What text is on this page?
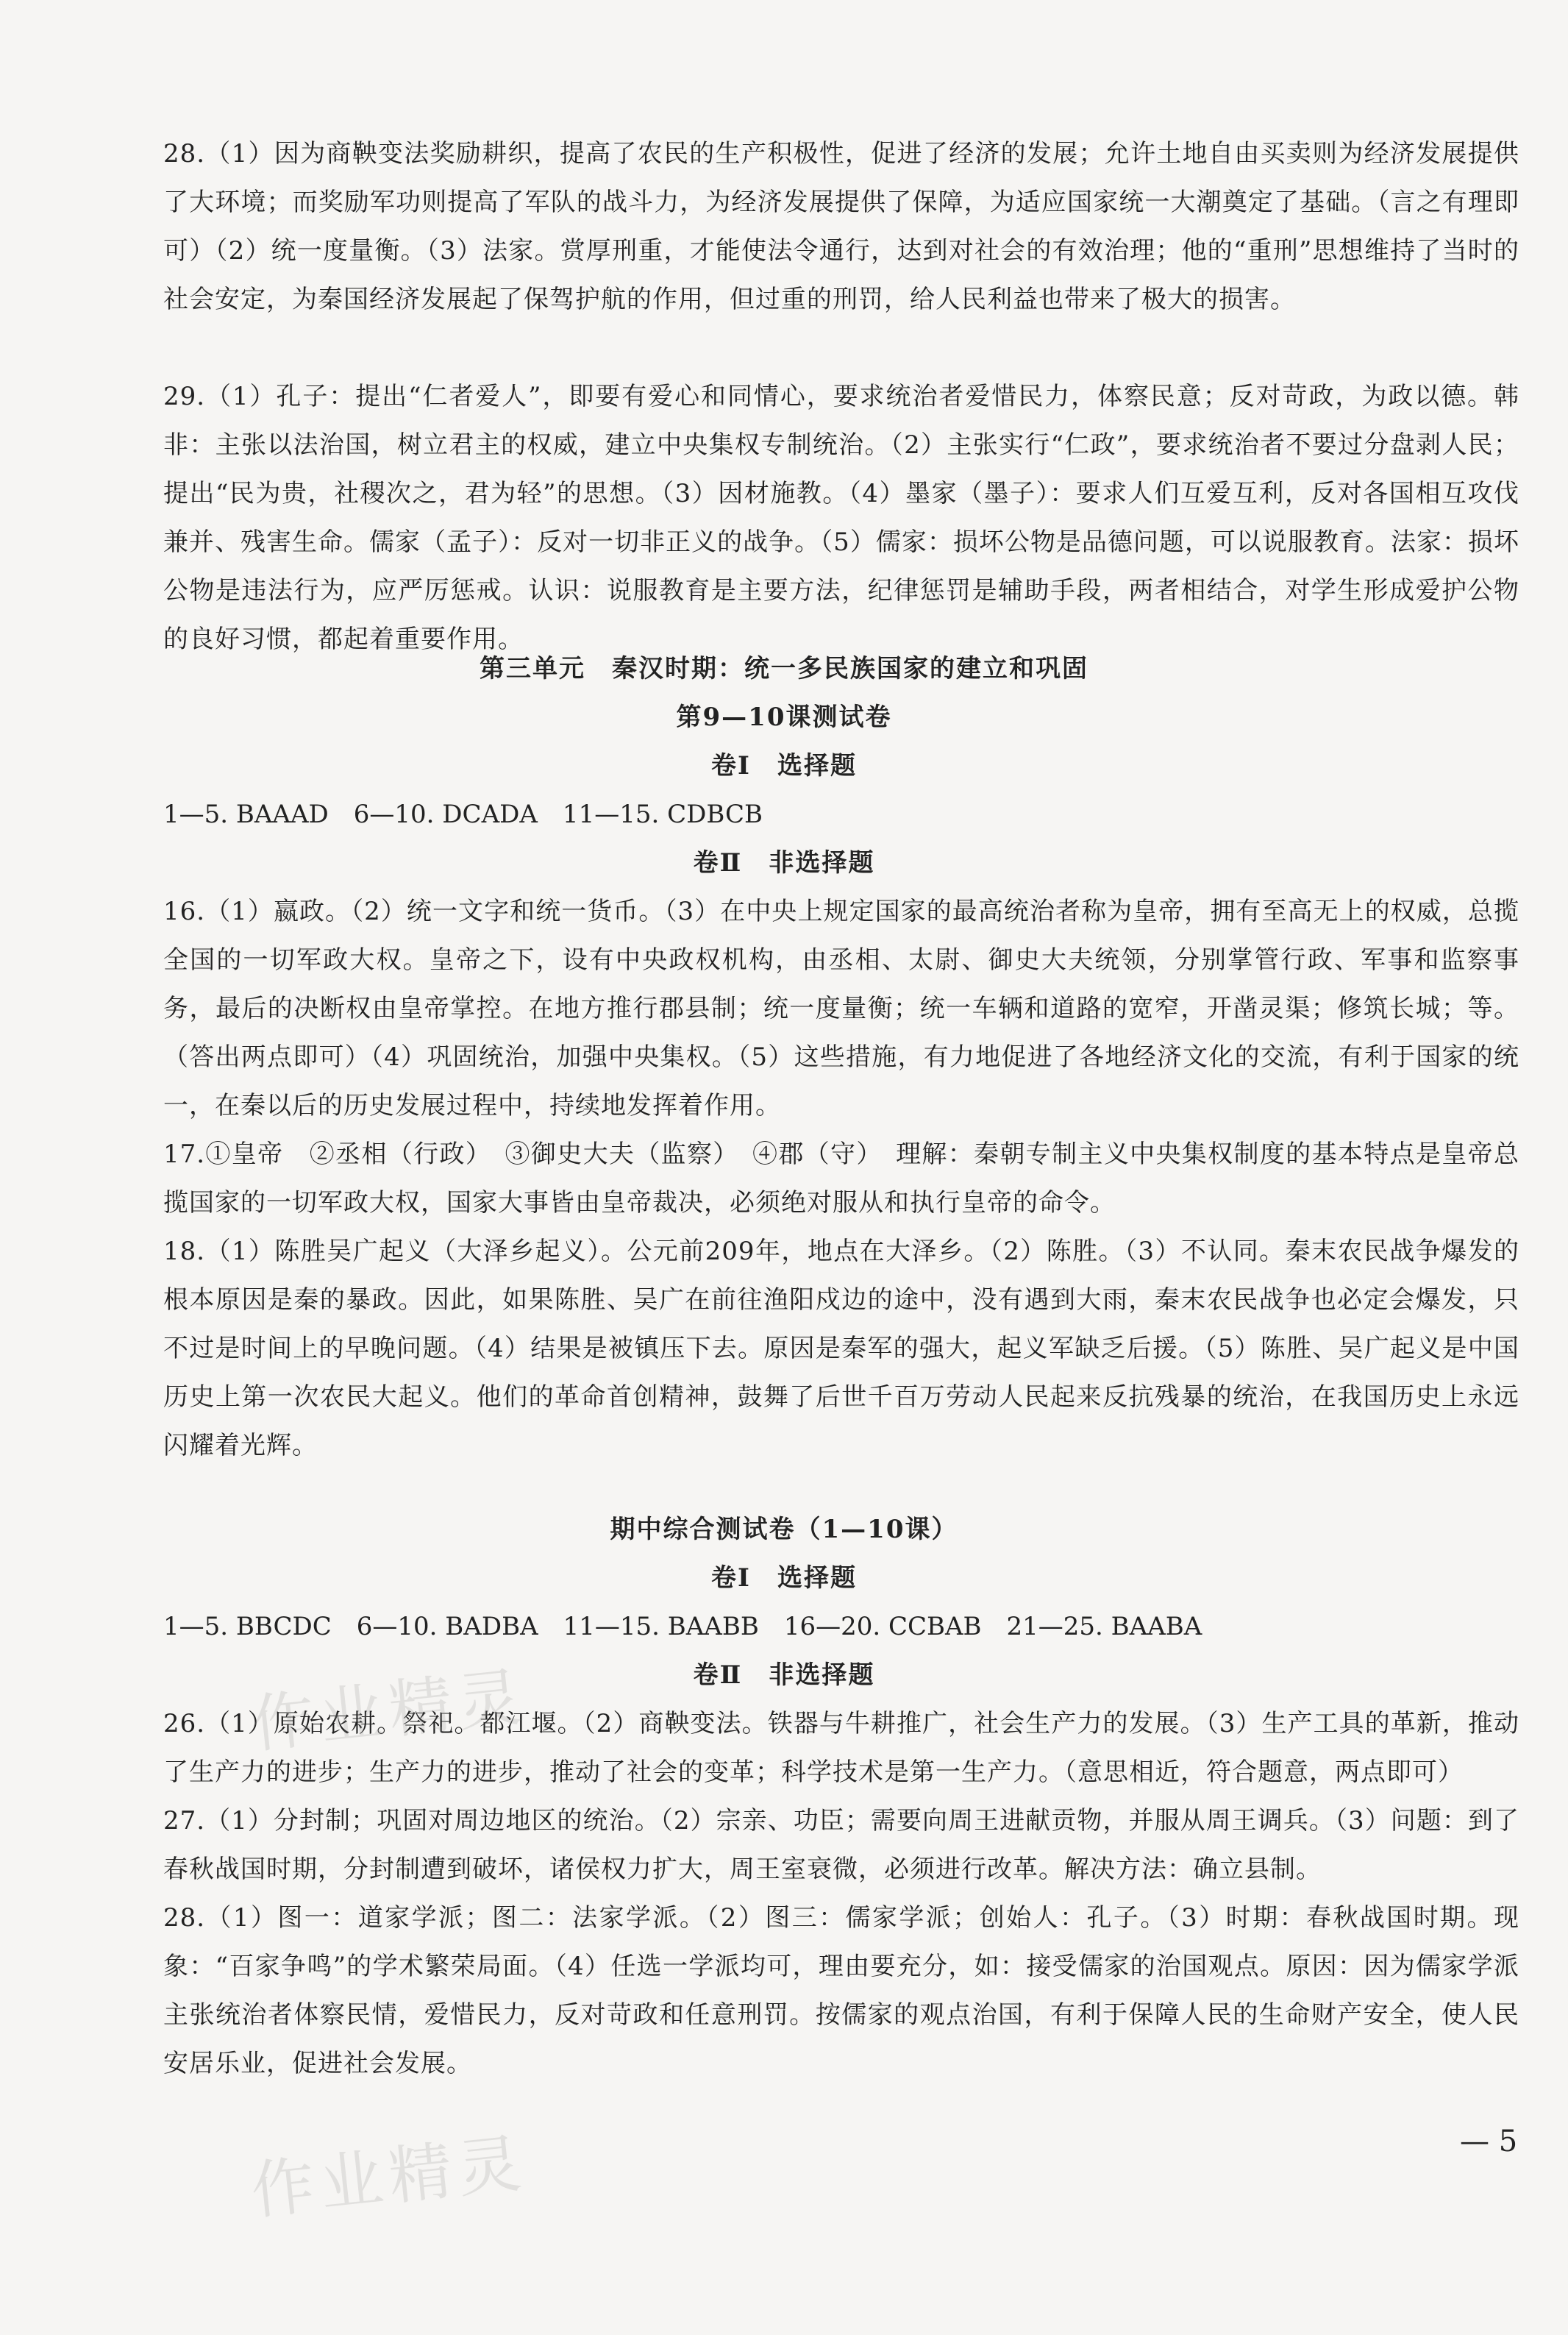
28.（1）因为商鞅变法奖励耕织，提高了农民的生产积极性，促进了经济的发展；允许土地自由买卖则为经济发展提供了大环境；而奖励军功则提高了军队的战斗力，为经济发展提供了保障，为适应国家统一大潮奠定了基础。（言之有理即可）（2）统一度量衡。（3）法家。赏厚刑重，才能使法令通行，达到对社会的有效治理；他的“重刑”思想维持了当时的社会安定，为秦国经济发展起了保驾护航的作用，但过重的刑罚，给人民利益也带来了极大的损害。

29.（1）孔子：提出“仁者爱人”，即要有爱心和同情心，要求统治者爱惜民力，体察民意；反对苛政，为政以德。韩非：主张以法治国，树立君主的权威，建立中央集权专制统治。（2）主张实行“仁政”，要求统治者不要过分盘剥人民；提出“民为贵，社稷次之，君为轻”的思想。（3）因材施教。（4）墨家（墨子）：要求人们互爱互利，反对各国相互攻伐兼并、残害生命。儒家（孟子）：反对一切非正义的战争。（5）儒家：损坏公物是品德问题，可以说服教育。法家：损坏公物是违法行为，应严厉惩戒。认识：说服教育是主要方法，纪律惩罚是辅助手段，两者相结合，对学生形成爱护公物的良好习惯，都起着重要作用。

第三单元　秦汉时期：统一多民族国家的建立和巩固

第9—10课测试卷

卷Ⅰ　选择题

1—5. BAAAD　6—10. DCADA　11—15. CDBCB

卷Ⅱ　非选择题

16.（1）嬴政。（2）统一文字和统一货币。（3）在中央上规定国家的最高统治者称为皇帝，拥有至高无上的权威，总揽全国的一切军政大权。皇帝之下，设有中央政权机构，由丞相、太尉、御史大夫统领，分别掌管行政、军事和监察事务，最后的决断权由皇帝掌控。在地方推行郡县制；统一度量衡；统一车辆和道路的宽窄，开凿灵渠；修筑长城；等。（答出两点即可）（4）巩固统治，加强中央集权。（5）这些措施，有力地促进了各地经济文化的交流，有利于国家的统一，在秦以后的历史发展过程中，持续地发挥着作用。

17.①皇帝　②丞相（行政）　③御史大夫（监察）　④郡（守）　理解：秦朝专制主义中央集权制度的基本特点是皇帝总揽国家的一切军政大权，国家大事皆由皇帝裁决，必须绝对服从和执行皇帝的命令。

18.（1）陈胜吴广起义（大泽乡起义）。公元前209年，地点在大泽乡。（2）陈胜。（3）不认同。秦末农民战争爆发的根本原因是秦的暴政。因此，如果陈胜、吴广在前往渔阳戍边的途中，没有遇到大雨，秦末农民战争也必定会爆发，只不过是时间上的早晚问题。（4）结果是被镇压下去。原因是秦军的强大，起义军缺乏后援。（5）陈胜、吴广起义是中国历史上第一次农民大起义。他们的革命首创精神，鼓舞了后世千百万劳动人民起来反抗残暴的统治，在我国历史上永远闪耀着光辉。

期中综合测试卷（1—10课）

卷Ⅰ　选择题

1—5. BBCDC　6—10. BADBA　11—15. BAABB　16—20. CCBAB　21—25. BAABA

卷Ⅱ　非选择题

26.（1）原始农耕。祭祀。都江堰。（2）商鞅变法。铁器与牛耕推广，社会生产力的发展。（3）生产工具的革新，推动了生产力的进步；生产力的进步，推动了社会的变革；科学技术是第一生产力。（意思相近，符合题意，两点即可）

27.（1）分封制；巩固对周边地区的统治。（2）宗亲、功臣；需要向周王进献贡物，并服从周王调兵。（3）问题：到了春秋战国时期，分封制遭到破坏，诸侯权力扩大，周王室衰微，必须进行改革。解决方法：确立县制。

28.（1）图一：道家学派；图二：法家学派。（2）图三：儒家学派；创始人：孔子。（3）时期：春秋战国时期。现象：“百家争鸣”的学术繁荣局面。（4）任选一学派均可，理由要充分，如：接受儒家的治国观点。原因：因为儒家学派主张统治者体察民情，爱惜民力，反对苛政和任意刑罚。按儒家的观点治国，有利于保障人民的生命财产安全，使人民安居乐业，促进社会发展。

— 5
作业精灵
作业精灵
